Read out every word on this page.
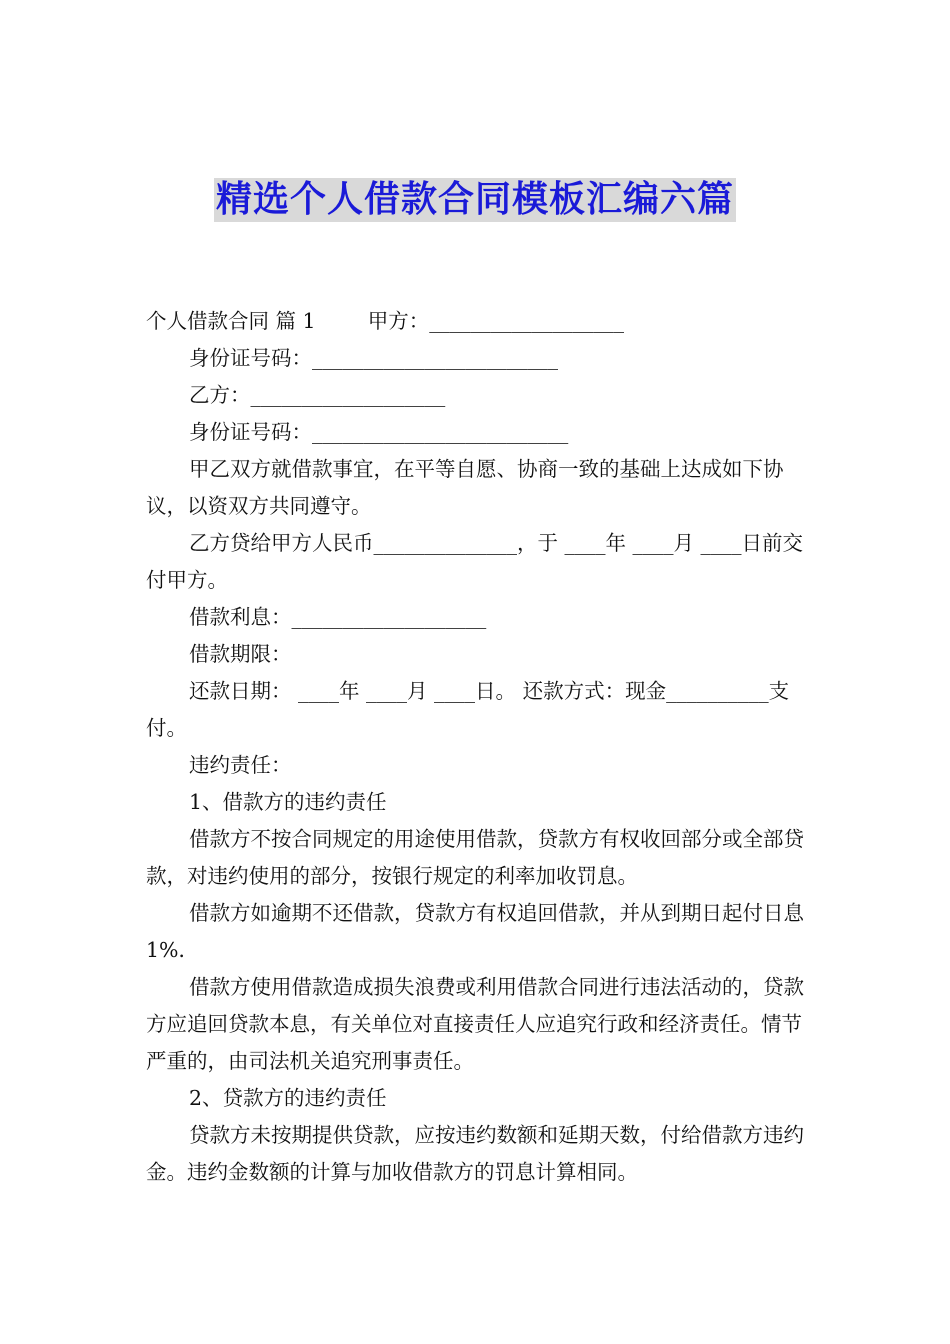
精选个人借款合同模板汇编六篇

个人借款合同 篇 1        甲方：___________________

身份证号码：________________________

乙方：___________________

身份证号码：_________________________

甲乙双方就借款事宜，在平等自愿、协商一致的基础上达成如下协议，以资双方共同遵守。

乙方贷给甲方人民币______________，于 ____年 ____月 ____日前交付甲方。

借款利息：___________________

借款期限：

还款日期： ____年 ____月 ____日。 还款方式：现金__________支付。

违约责任：

1、借款方的违约责任

借款方不按合同规定的用途使用借款，贷款方有权收回部分或全部贷款，对违约使用的部分，按银行规定的利率加收罚息。

借款方如逾期不还借款，贷款方有权追回借款，并从到期日起付日息 1%．

借款方使用借款造成损失浪费或利用借款合同进行违法活动的，贷款方应追回贷款本息，有关单位对直接责任人应追究行政和经济责任。情节严重的，由司法机关追究刑事责任。

2、贷款方的违约责任

贷款方未按期提供贷款，应按违约数额和延期天数，付给借款方违约金。违约金数额的计算与加收借款方的罚息计算相同。
